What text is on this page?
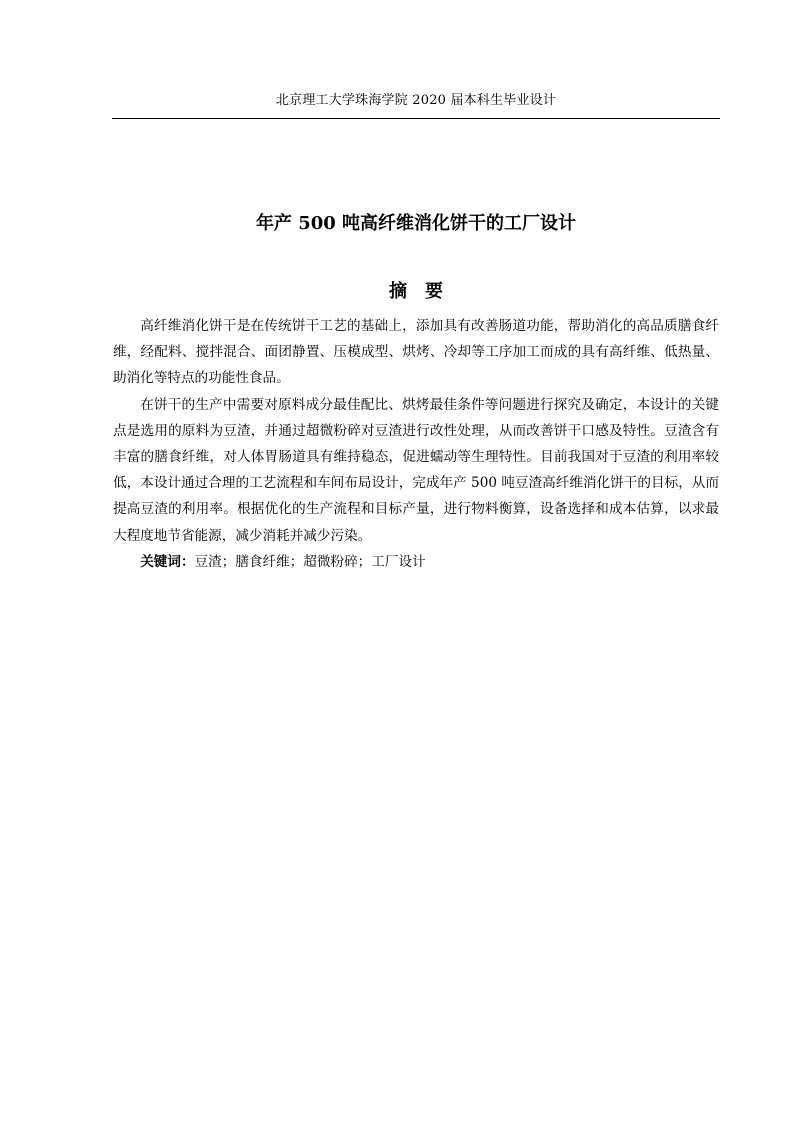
北京理工大学珠海学院 2020 届本科生毕业设计
年产 500 吨高纤维消化饼干的工厂设计
摘　要

高纤维消化饼干是在传统饼干工艺的基础上，添加具有改善肠道功能，帮助消化的高品质膳食纤维，经配料、搅拌混合、面团静置、压模成型、烘烤、冷却等工序加工而成的具有高纤维、低热量、助消化等特点的功能性食品。

在饼干的生产中需要对原料成分最佳配比、烘烤最佳条件等问题进行探究及确定，本设计的关键点是选用的原料为豆渣，并通过超微粉碎对豆渣进行改性处理，从而改善饼干口感及特性。豆渣含有丰富的膳食纤维，对人体胃肠道具有维持稳态，促进蠕动等生理特性。目前我国对于豆渣的利用率较低，本设计通过合理的工艺流程和车间布局设计，完成年产 500 吨豆渣高纤维消化饼干的目标，从而提高豆渣的利用率。根据优化的生产流程和目标产量，进行物料衡算，设备选择和成本估算，以求最大程度地节省能源，减少消耗并减少污染。

关键词：豆渣；膳食纤维；超微粉碎；工厂设计
